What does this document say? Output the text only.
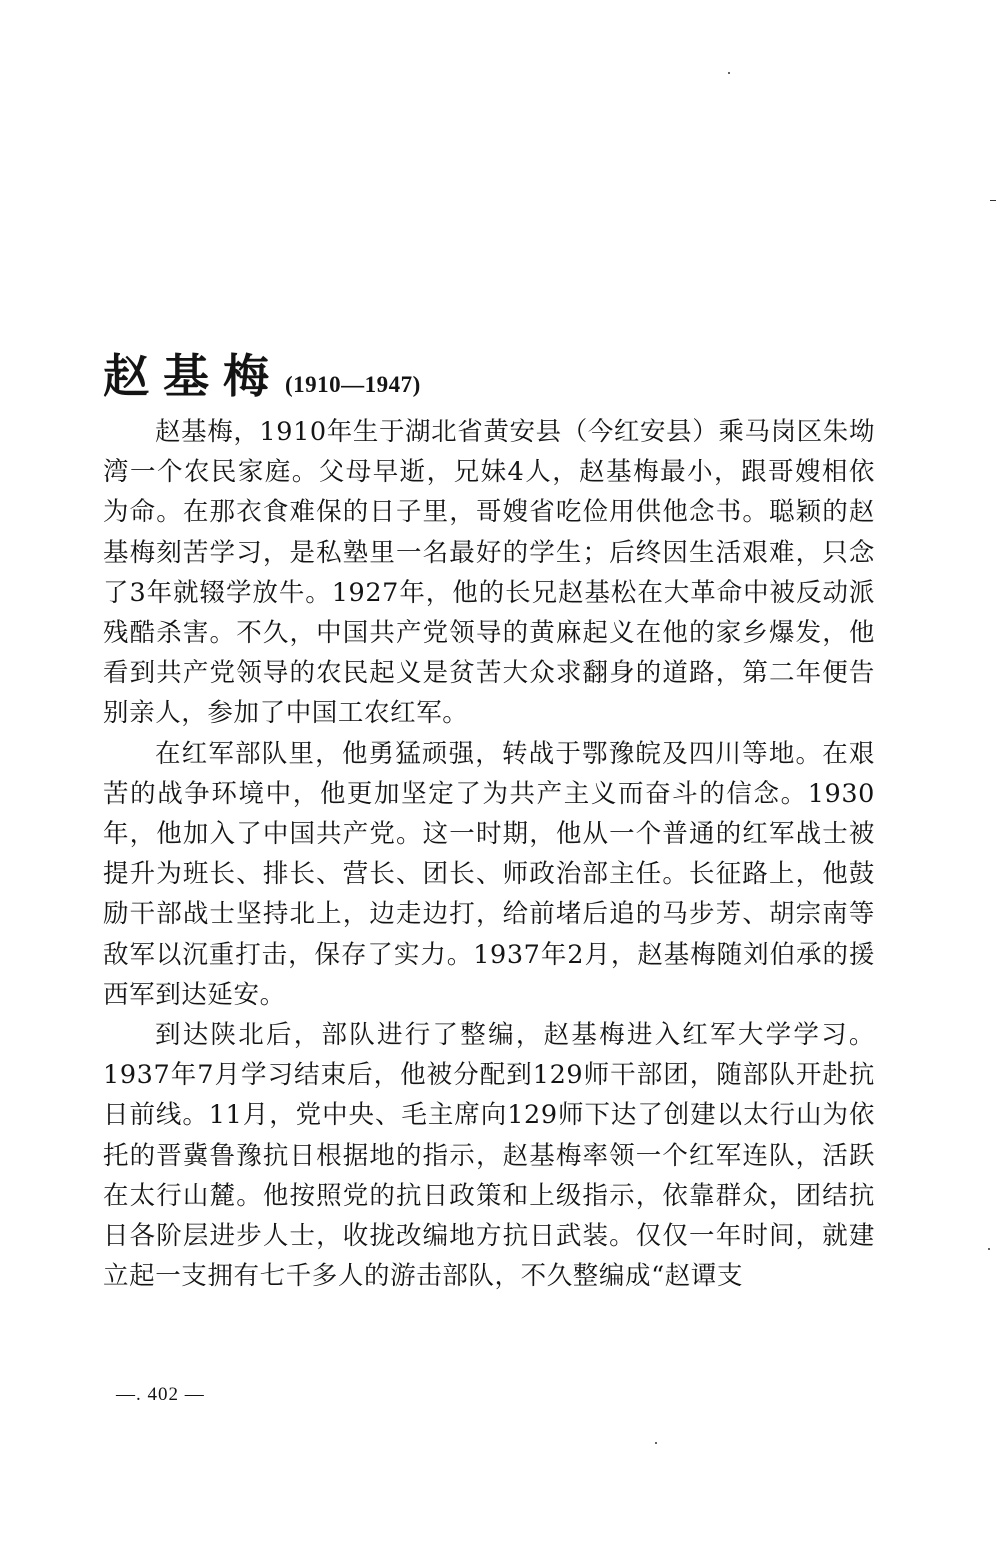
赵基梅(1910—1947)

赵基梅，1910年生于湖北省黄安县（今红安县）乘马岗区朱坳湾一个农民家庭。父母早逝，兄妹4人，赵基梅最小，跟哥嫂相依为命。在那衣食难保的日子里，哥嫂省吃俭用供他念书。聪颖的赵基梅刻苦学习，是私塾里一名最好的学生；后终因生活艰难，只念了3年就辍学放牛。1927年，他的长兄赵基松在大革命中被反动派残酷杀害。不久，中国共产党领导的黄麻起义在他的家乡爆发，他看到共产党领导的农民起义是贫苦大众求翻身的道路，第二年便告别亲人，参加了中国工农红军。

在红军部队里，他勇猛顽强，转战于鄂豫皖及四川等地。在艰苦的战争环境中，他更加坚定了为共产主义而奋斗的信念。1930年，他加入了中国共产党。这一时期，他从一个普通的红军战士被提升为班长、排长、营长、团长、师政治部主任。长征路上，他鼓励干部战士坚持北上，边走边打，给前堵后追的马步芳、胡宗南等敌军以沉重打击，保存了实力。1937年2月，赵基梅随刘伯承的援西军到达延安。

到达陕北后，部队进行了整编，赵基梅进入红军大学学习。1937年7月学习结束后，他被分配到129师干部团，随部队开赴抗日前线。11月，党中央、毛主席向129师下达了创建以太行山为依托的晋冀鲁豫抗日根据地的指示，赵基梅率领一个红军连队，活跃在太行山麓。他按照党的抗日政策和上级指示，依靠群众，团结抗日各阶层进步人士，收拢改编地方抗日武装。仅仅一年时间，就建立起一支拥有七千多人的游击部队，不久整编成“赵谭支

—. 402 —
